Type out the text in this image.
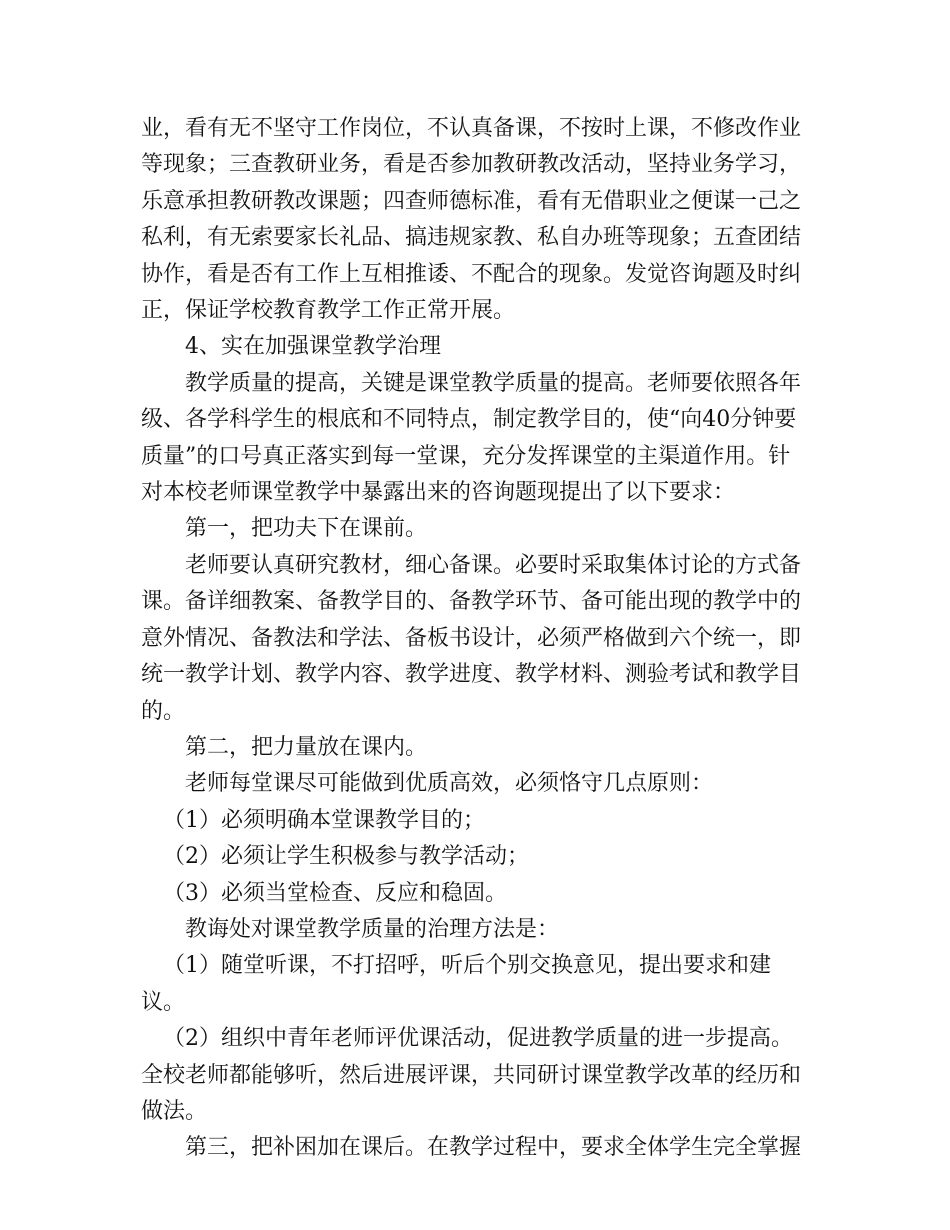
业，看有无不坚守工作岗位，不认真备课，不按时上课，不修改作业等现象；三查教研业务，看是否参加教研教改活动，坚持业务学习，乐意承担教研教改课题；四查师德标准，看有无借职业之便谋一己之私利，有无索要家长礼品、搞违规家教、私自办班等现象；五查团结协作，看是否有工作上互相推诿、不配合的现象。发觉咨询题及时纠正，保证学校教育教学工作正常开展。

4、实在加强课堂教学治理

教学质量的提高，关键是课堂教学质量的提高。老师要依照各年级、各学科学生的根底和不同特点，制定教学目的，使“向40分钟要质量”的口号真正落实到每一堂课，充分发挥课堂的主渠道作用。针对本校老师课堂教学中暴露出来的咨询题现提出了以下要求：

第一，把功夫下在课前。

老师要认真研究教材，细心备课。必要时采取集体讨论的方式备课。备详细教案、备教学目的、备教学环节、备可能出现的教学中的意外情况、备教法和学法、备板书设计，必须严格做到六个统一，即统一教学计划、教学内容、教学进度、教学材料、测验考试和教学目的。

第二，把力量放在课内。

老师每堂课尽可能做到优质高效，必须恪守几点原则：

（1）必须明确本堂课教学目的；

（2）必须让学生积极参与教学活动；

（3）必须当堂检查、反应和稳固。

教诲处对课堂教学质量的治理方法是：

（1）随堂听课，不打招呼，听后个别交换意见，提出要求和建议。

（2）组织中青年老师评优课活动，促进教学质量的进一步提高。全校老师都能够听，然后进展评课，共同研讨课堂教学改革的经历和做法。

第三，把补困加在课后。在教学过程中，要求全体学生完全掌握
